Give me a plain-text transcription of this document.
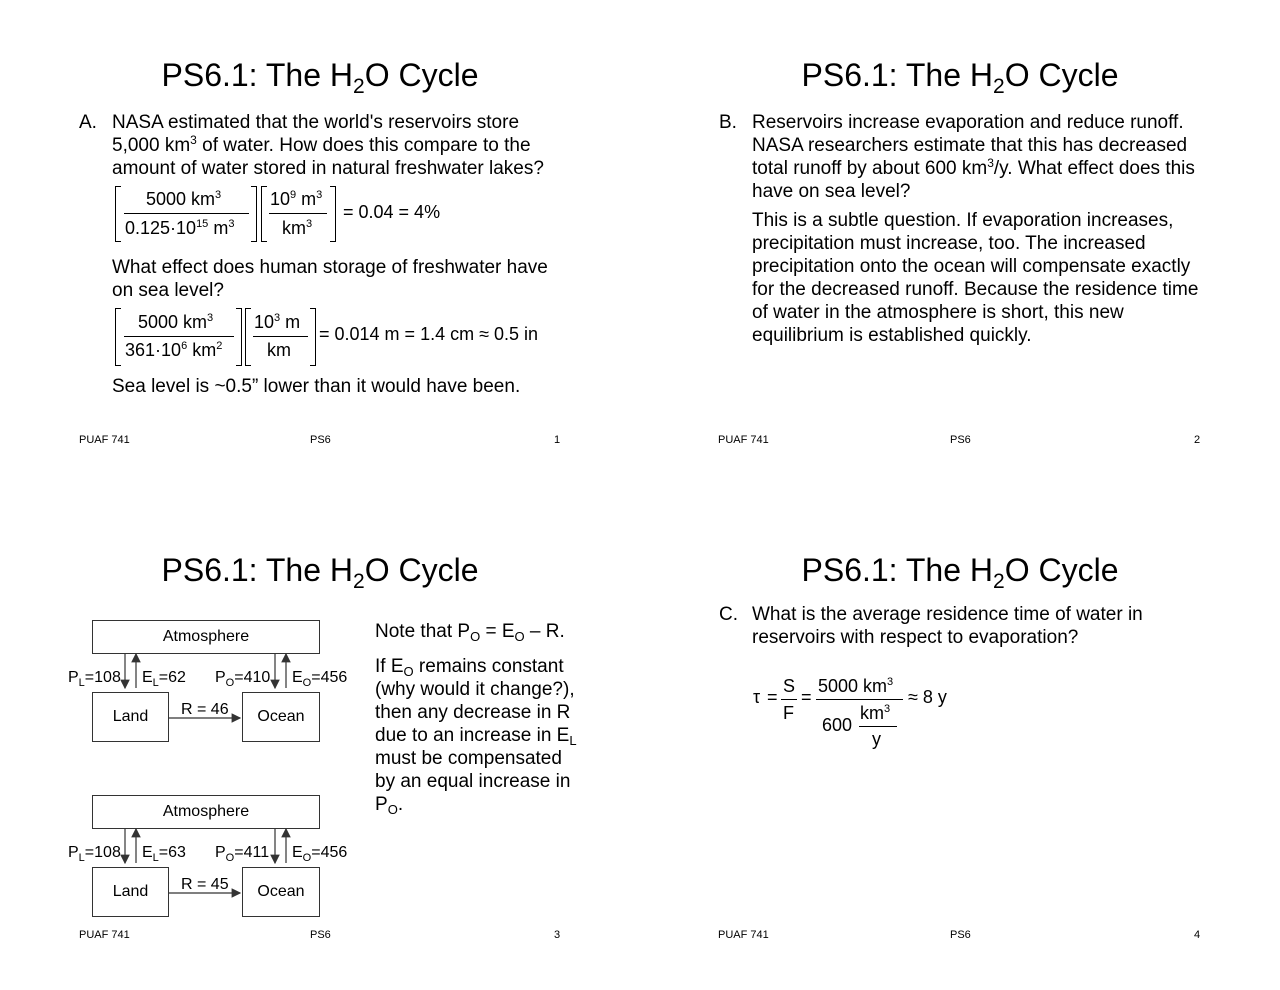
PS6.1: The $H_2O$ Cycle
A. NASA estimated that the world's reservoirs store
5,000 $km^3$ of water. How does this compare to the
amount of water stored in natural freshwater lakes?
5000 $km^3$
$0.125\cdot 10^{15}$ $m^3$
$10^9$ $m^3$
$km^3$
= 0.04 = 4%
What effect does human storage of freshwater have
on sea level?
5000 $km^3$
$361\cdot 10^6$ $km^2$
$10^3$ m
km
= 0.014 m = 1.4 cm ≈ 0.5 in
Sea level is ~0.5” lower than it would have been.
PUAF 741	PS6	1
PS6.1: The $H_2O$ Cycle
B. Reservoirs increase evaporation and reduce runoff.
NASA researchers estimate that this has decreased
total runoff by about 600 $km^3/y$. What effect does this
have on sea level?
This is a subtle question. If evaporation increases,
precipitation must increase, too. The increased
precipitation onto the ocean will compensate exactly
for the decreased runoff. Because the residence time
of water in the atmosphere is short, this new
equilibrium is established quickly.
PUAF 741	PS6	2
PS6.1: The $H_2O$ Cycle
Atmosphere
Land	Ocean
$P_L=108$ $E_L=62$ $P_O=410$ $E_O=456$
R = 46
Atmosphere
Land	Ocean
$P_L=108$ $E_L=63$ $P_O=411$ $E_O=456$
R = 45
Note that $P_O = E_O - R$.
If $E_O$ remains constant
(why would it change?),
then any decrease in R
due to an increase in $E_L$
must be compensated
by an equal increase in
$P_O$.
PUAF 741	PS6	3
PS6.1: The $H_2O$ Cycle
C. What is the average residence time of water in
reservoirs with respect to evaporation?
τ =
S
F
=
5000 $km^3$
600
$km^3$
y
≈ 8 y
PUAF 741	PS6	4
